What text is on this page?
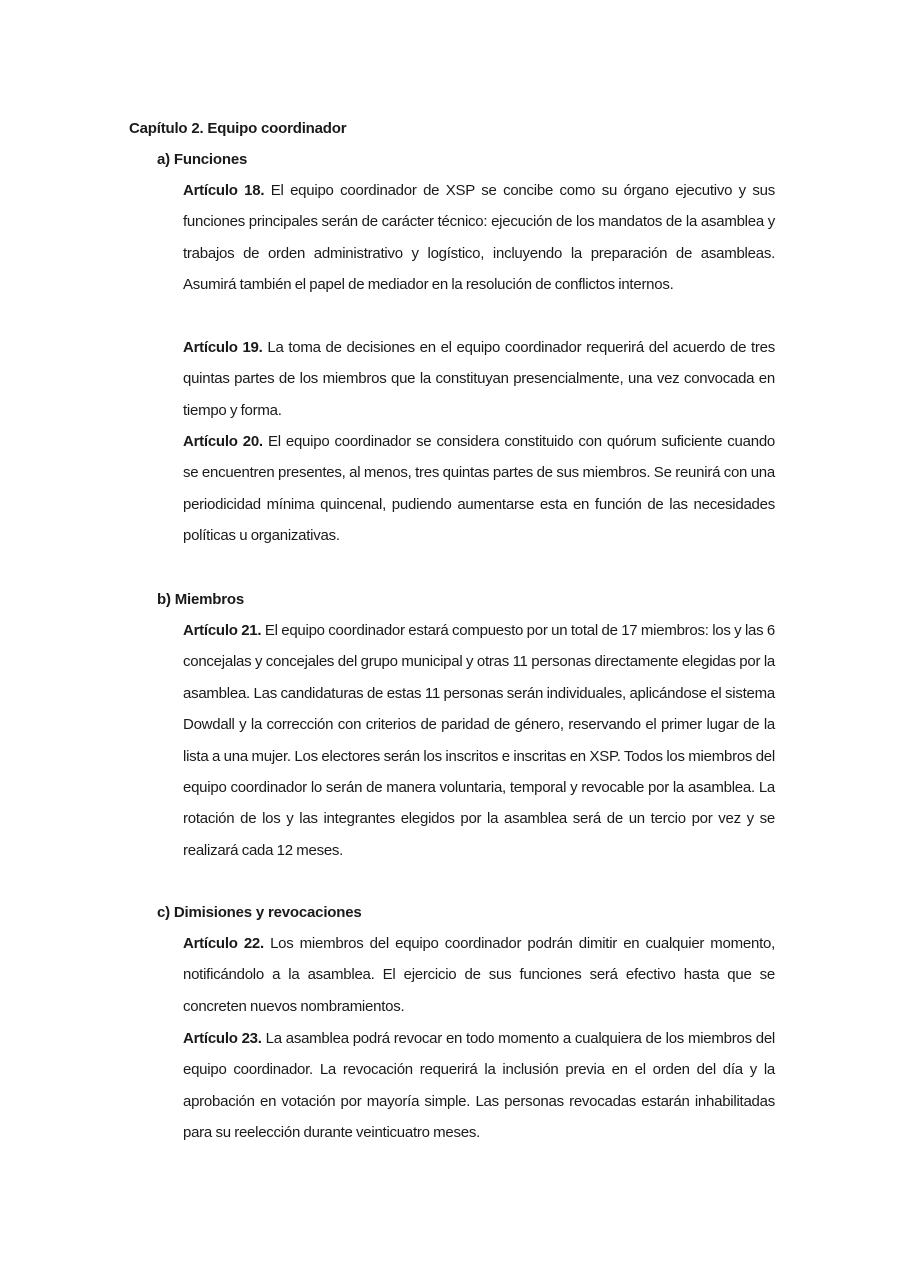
Capítulo 2. Equipo coordinador
a) Funciones

Artículo 18. El equipo coordinador de XSP se concibe como su órgano ejecutivo y sus funciones principales serán de carácter técnico: ejecución de los mandatos de la asamblea y trabajos de orden administrativo y logístico, incluyendo la preparación de asambleas. Asumirá también el papel de mediador en la resolución de conflictos internos.

Artículo 19. La toma de decisiones en el equipo coordinador requerirá del acuerdo de tres quintas partes de los miembros que la constituyan presencialmente, una vez convocada en tiempo y forma.

Artículo 20. El equipo coordinador se considera constituido con quórum suficiente cuando se encuentren presentes, al menos, tres quintas partes de sus miembros. Se reunirá con una periodicidad mínima quincenal, pudiendo aumentarse esta en función de las necesidades políticas u organizativas.

b) Miembros

Artículo 21. El equipo coordinador estará compuesto por un total de 17 miembros: los y las 6 concejalas y concejales del grupo municipal y otras 11 personas directamente elegidas por la asamblea. Las candidaturas de estas 11 personas serán individuales, aplicándose el sistema Dowdall y la corrección con criterios de paridad de género, reservando el primer lugar de la lista a una mujer. Los electores serán los inscritos e inscritas en XSP. Todos los miembros del equipo coordinador lo serán de manera voluntaria, temporal y revocable por la asamblea. La rotación de los y las integrantes elegidos por la asamblea será de un tercio por vez y se realizará cada 12 meses.

c) Dimisiones y revocaciones

Artículo 22. Los miembros del equipo coordinador podrán dimitir en cualquier momento, notificándolo a la asamblea. El ejercicio de sus funciones será efectivo hasta que se concreten nuevos nombramientos.

Artículo 23. La asamblea podrá revocar en todo momento a cualquiera de los miembros del equipo coordinador. La revocación requerirá la inclusión previa en el orden del día y la aprobación en votación por mayoría simple. Las personas revocadas estarán inhabilitadas para su reelección durante veinticuatro meses.
